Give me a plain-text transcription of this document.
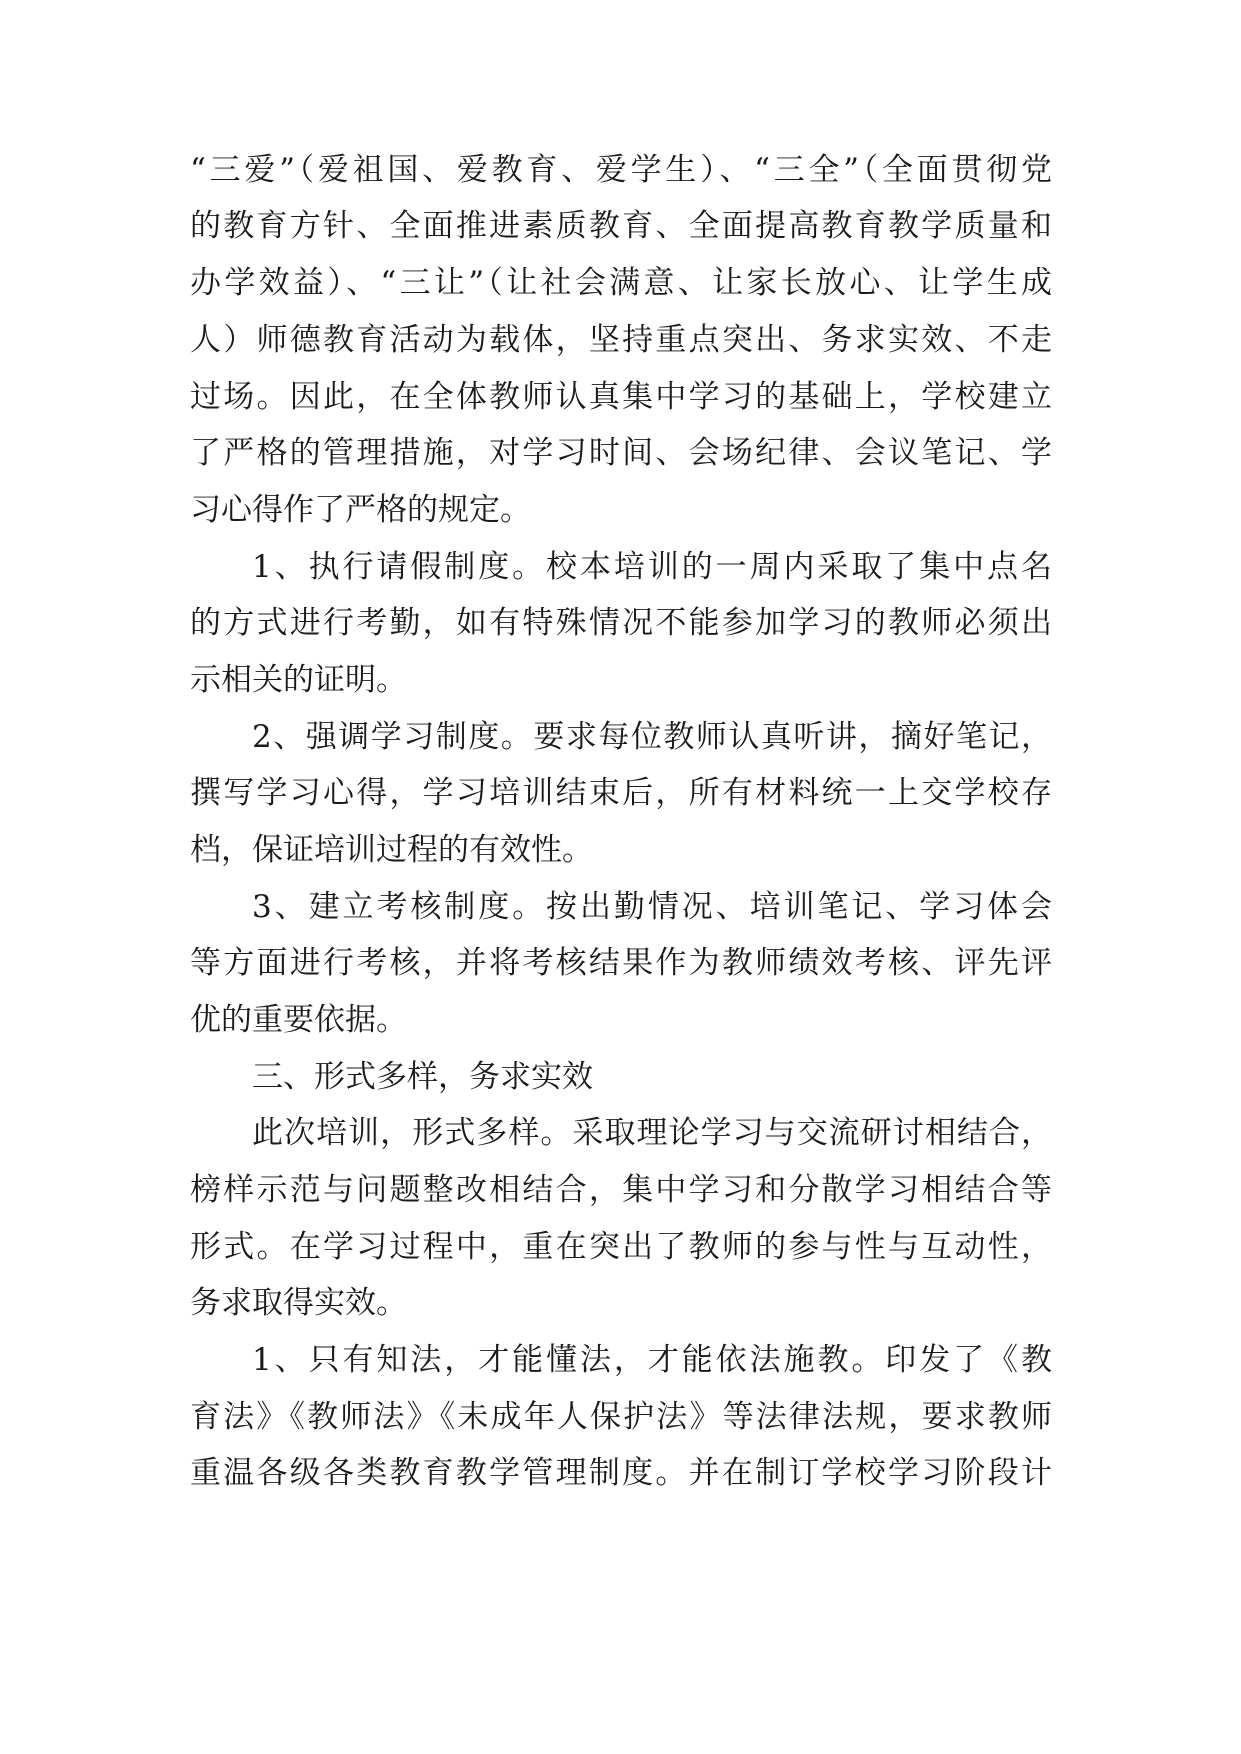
“三爱”（爱祖国、爱教育、爱学生）、“三全”（全面贯彻党
的教育方针、全面推进素质教育、全面提高教育教学质量和
办学效益）、“三让”（让社会满意、让家长放心、让学生成
人）师德教育活动为载体，坚持重点突出、务求实效、不走
过场。因此，在全体教师认真集中学习的基础上，学校建立
了严格的管理措施，对学习时间、会场纪律、会议笔记、学
习心得作了严格的规定。
1、执行请假制度。校本培训的一周内采取了集中点名
的方式进行考勤，如有特殊情况不能参加学习的教师必须出
示相关的证明。
2、强调学习制度。要求每位教师认真听讲，摘好笔记，
撰写学习心得，学习培训结束后，所有材料统一上交学校存
档，保证培训过程的有效性。
3、建立考核制度。按出勤情况、培训笔记、学习体会
等方面进行考核，并将考核结果作为教师绩效考核、评先评
优的重要依据。
三、形式多样，务求实效
此次培训，形式多样。采取理论学习与交流研讨相结合，
榜样示范与问题整改相结合，集中学习和分散学习相结合等
形式。在学习过程中，重在突出了教师的参与性与互动性，
务求取得实效。
1、只有知法，才能懂法，才能依法施教。印发了《教
育法》《教师法》《未成年人保护法》等法律法规，要求教师
重温各级各类教育教学管理制度。并在制订学校学习阶段计
